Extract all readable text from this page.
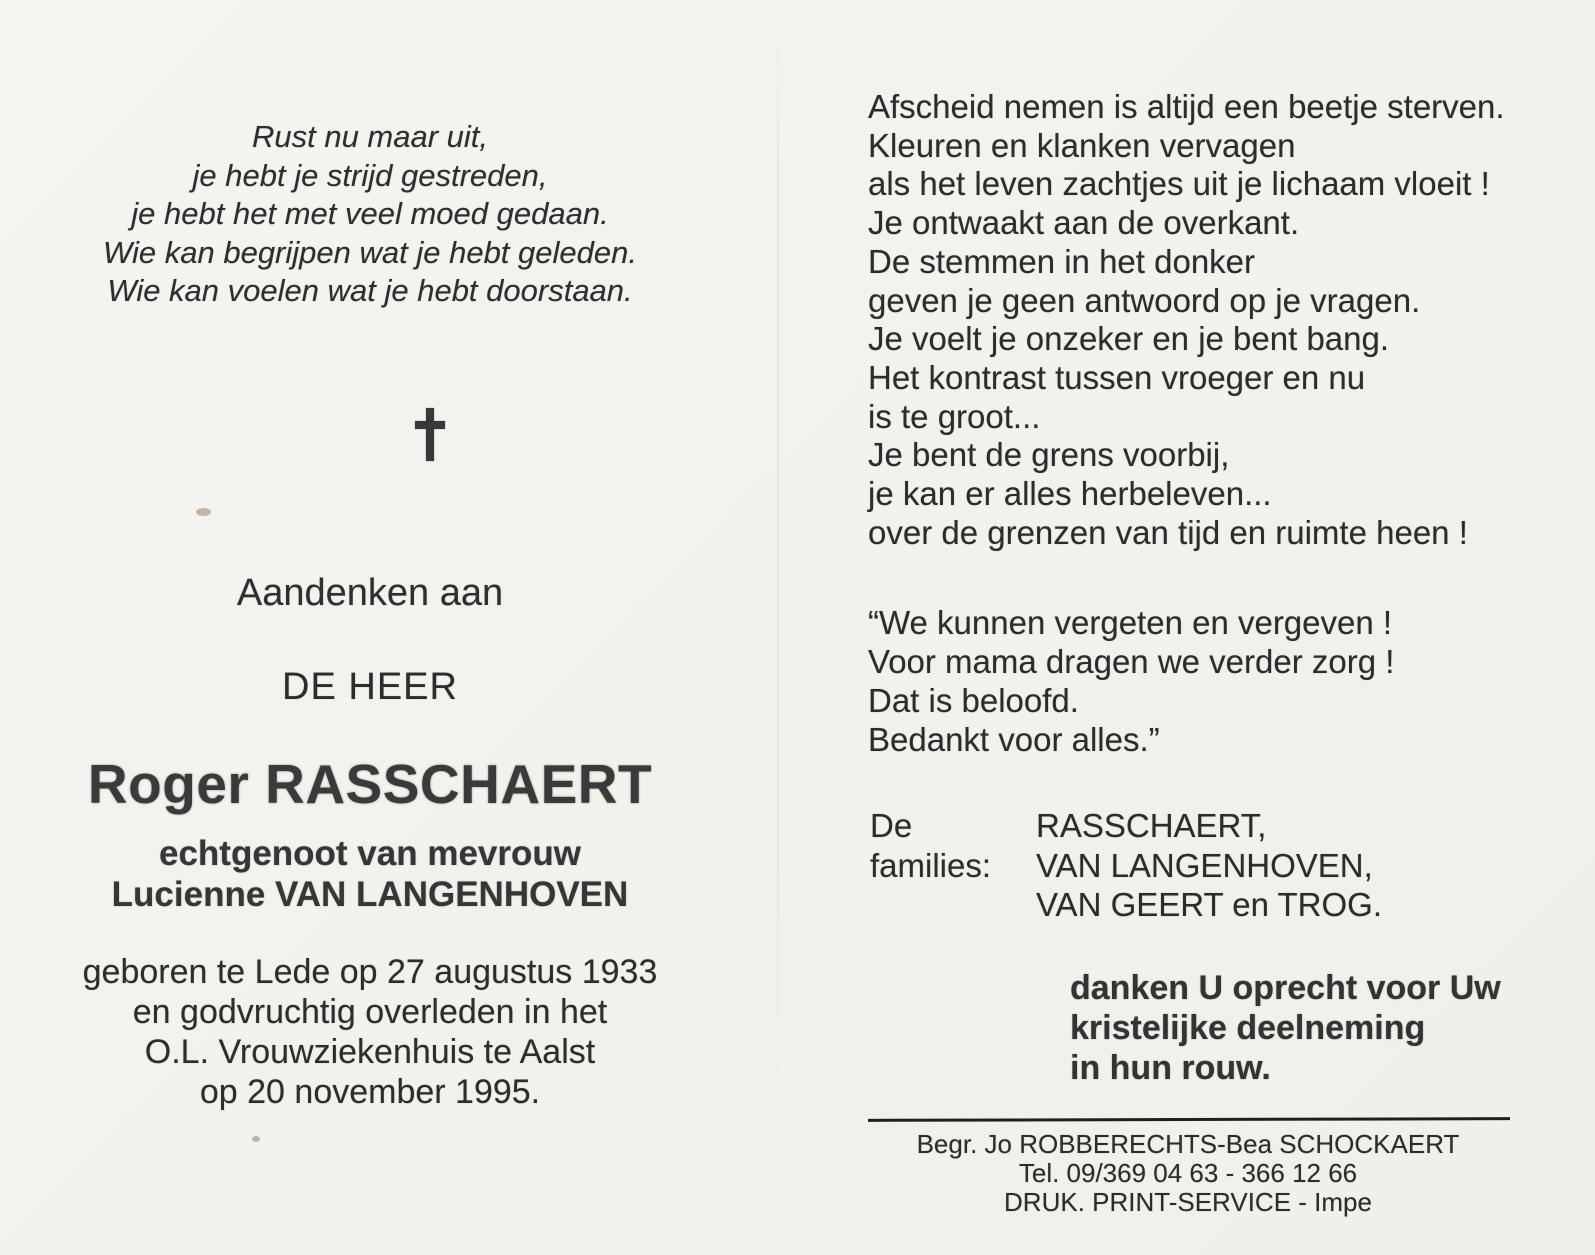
Rust nu maar uit,
je hebt je strijd gestreden,
je hebt het met veel moed gedaan.
Wie kan begrijpen wat je hebt geleden.
Wie kan voelen wat je hebt doorstaan.
Aandenken aan
DE HEER
Roger RASSCHAERT
echtgenoot van mevrouw
Lucienne VAN LANGENHOVEN
geboren te Lede op 27 augustus 1933
en godvruchtig overleden in het
O.L. Vrouwziekenhuis te Aalst
op 20 november 1995.
Afscheid nemen is altijd een beetje sterven.
Kleuren en klanken vervagen
als het leven zachtjes uit je lichaam vloeit !
Je ontwaakt aan de overkant.
De stemmen in het donker
geven je geen antwoord op je vragen.
Je voelt je onzeker en je bent bang.
Het kontrast tussen vroeger en nu
is te groot...
Je bent de grens voorbij,
je kan er alles herbeleven...
over de grenzen van tijd en ruimte heen !
“We kunnen vergeten en vergeven !
Voor mama dragen we verder zorg !
Dat is beloofd.
Bedankt voor alles.”
De families:
RASSCHAERT,
VAN LANGENHOVEN,
VAN GEERT en TROG.
danken U oprecht voor Uw
kristelijke deelneming
in hun rouw.
Begr. Jo ROBBERECHTS-Bea SCHOCKAERT
Tel. 09/369 04 63 - 366 12 66
DRUK. PRINT-SERVICE - Impe
